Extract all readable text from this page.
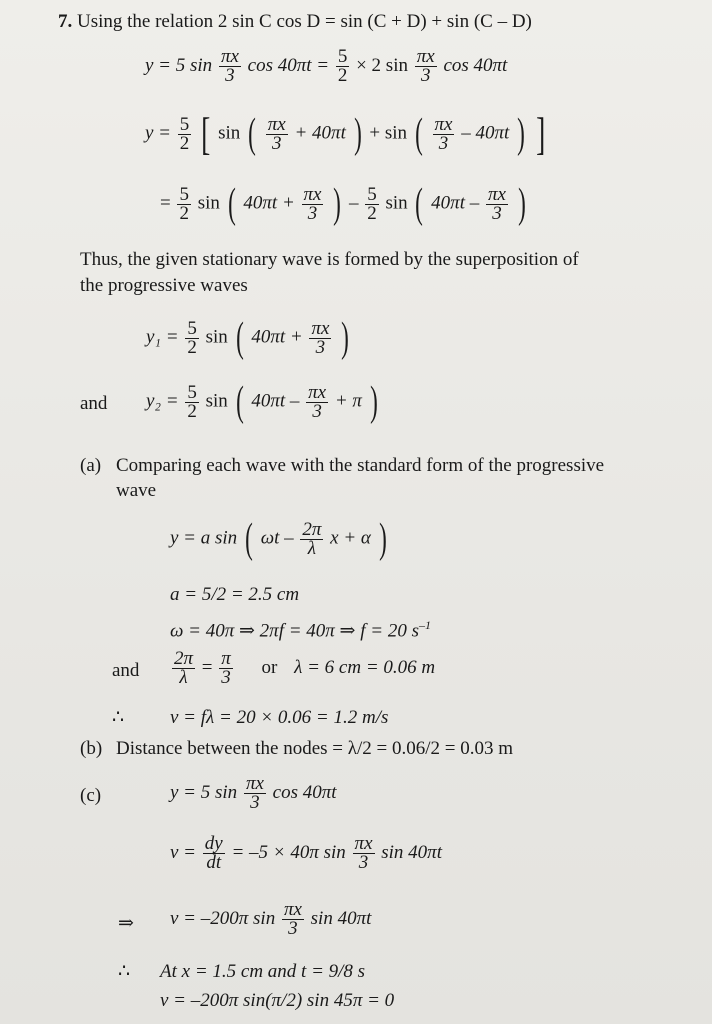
7. Using the relation 2 sin C cos D = sin (C + D) + sin (C – D)
y = 5 $\sin \frac{\pi x}{3}$ $\cos 40\pi t = \frac{5}{2} \times 2$ $\sin \frac{\pi x}{3}$ cos 40πt
$y = \frac{5}{2}$ [ sin ( $\frac{\pi x}{3} + 40\pi t$ ) + sin ( $\frac{\pi x}{3} - 40\pi t$ ) ]
= $\frac{5}{2}$ sin ( $40\pi t + \frac{\pi x}{3}$ ) – $\frac{5}{2}$ sin ( $40\pi t - \frac{\pi x}{3}$ )
Thus, the given stationary wave is formed by the superposition of
the progressive waves
$y_1 = \frac{5}{2}$ sin ( $40\pi t + \frac{\pi x}{3}$ )
and $y_2 = \frac{5}{2}$ sin ( $40\pi t - \frac{\pi x}{3} + \pi$ )
(a) Comparing each wave with the standard form of the progressive
wave
y = a sin ( ωt – $\frac{2\pi}{\lambda}$ x + α )
a = 5/2 = 2.5 cm
ω = 40π ⇒ 2πf = 40π ⇒ f = 20 $s^{-1}$
and $\frac{2\pi}{\lambda} = \frac{\pi}{3}$ or λ = 6 cm = 0.06 m
∴ v = fλ = 20 × 0.06 = 1.2 m/s
(b) Distance between the nodes = λ/2 = 0.06/2 = 0.03 m
(c)	y = 5 $\sin \frac{\pi x}{3}$ cos 40πt
$v = \frac{dy}{dt} = -5 \times 40\pi$ $\sin \frac{\pi x}{3}$ sin 40πt
⇒ v = –200π $\sin \frac{\pi x}{3}$ sin 40πt
∴ At x = 1.5 cm and t = 9/8 s
v = –200π sin(π/2) sin 45π = 0
